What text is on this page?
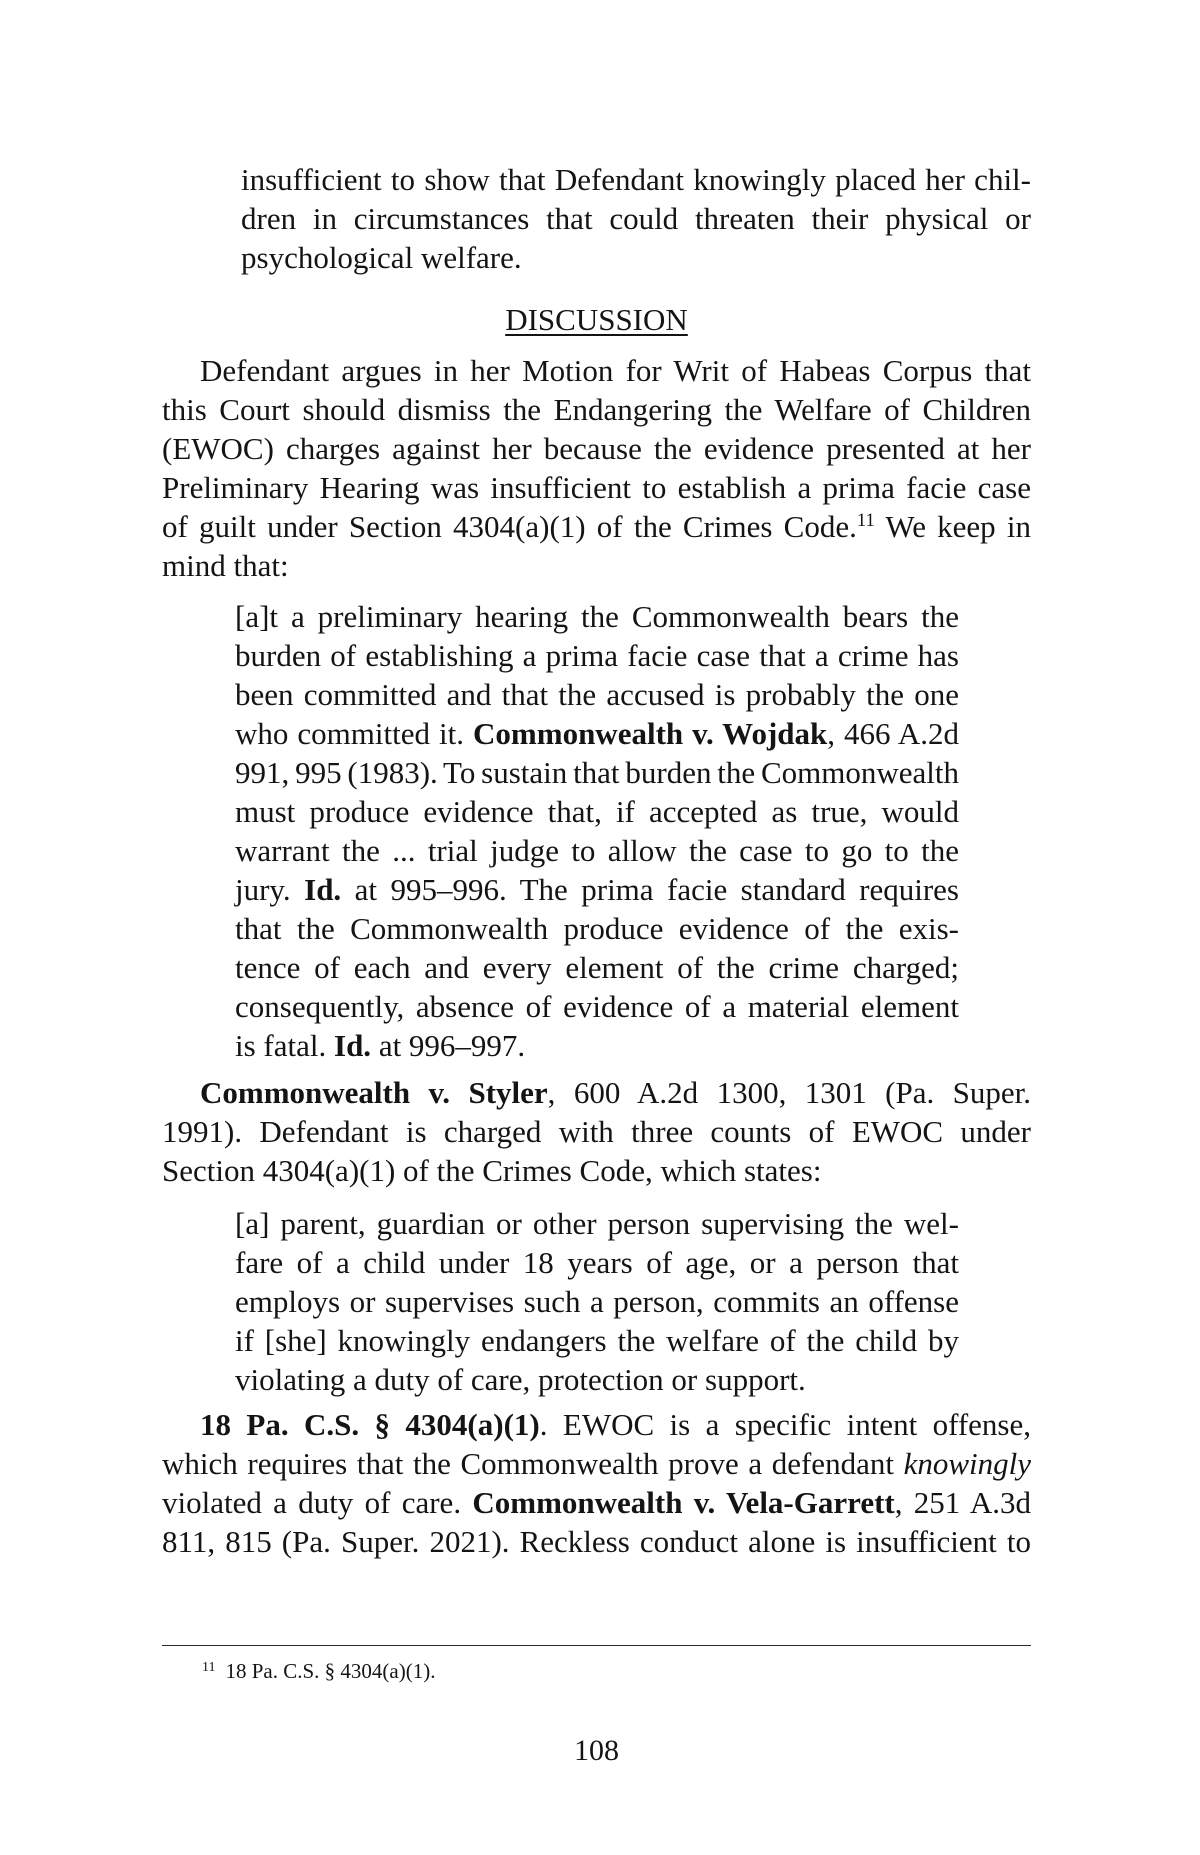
insufficient to show that Defendant knowingly placed her chil-
dren in circumstances that could threaten their physical or
psychological welfare.
DISCUSSION
Defendant argues in her Motion for Writ of Habeas Corpus that
this Court should dismiss the Endangering the Welfare of Children
(EWOC) charges against her because the evidence presented at her
Preliminary Hearing was insufficient to establish a prima facie case
of guilt under Section 4304(a)(1) of the Crimes Code.$^{11}$ We keep in
mind that:
[a]t a preliminary hearing the Commonwealth bears the
burden of establishing a prima facie case that a crime has
been committed and that the accused is probably the one
who committed it. Commonwealth v. Wojdak, 466 A.2d
991, 995 (1983). To sustain that burden the Commonwealth
must produce evidence that, if accepted as true, would
warrant the ... trial judge to allow the case to go to the
jury. Id. at 995–996. The prima facie standard requires
that the Commonwealth produce evidence of the exis-
tence of each and every element of the crime charged;
consequently, absence of evidence of a material element
is fatal. Id. at 996–997.
Commonwealth v. Styler, 600 A.2d 1300, 1301 (Pa. Super.
1991). Defendant is charged with three counts of EWOC under
Section 4304(a)(1) of the Crimes Code, which states:
[a] parent, guardian or other person supervising the wel-
fare of a child under 18 years of age, or a person that
employs or supervises such a person, commits an offense
if [she] knowingly endangers the welfare of the child by
violating a duty of care, protection or support.
18 Pa. C.S. § 4304(a)(1). EWOC is a specific intent offense,
which requires that the Commonwealth prove a defendant knowingly
violated a duty of care. Commonwealth v. Vela-Garrett, 251 A.3d
811, 815 (Pa. Super. 2021). Reckless conduct alone is insufficient to
$^{11}$ 18 Pa. C.S. § 4304(a)(1).
108
